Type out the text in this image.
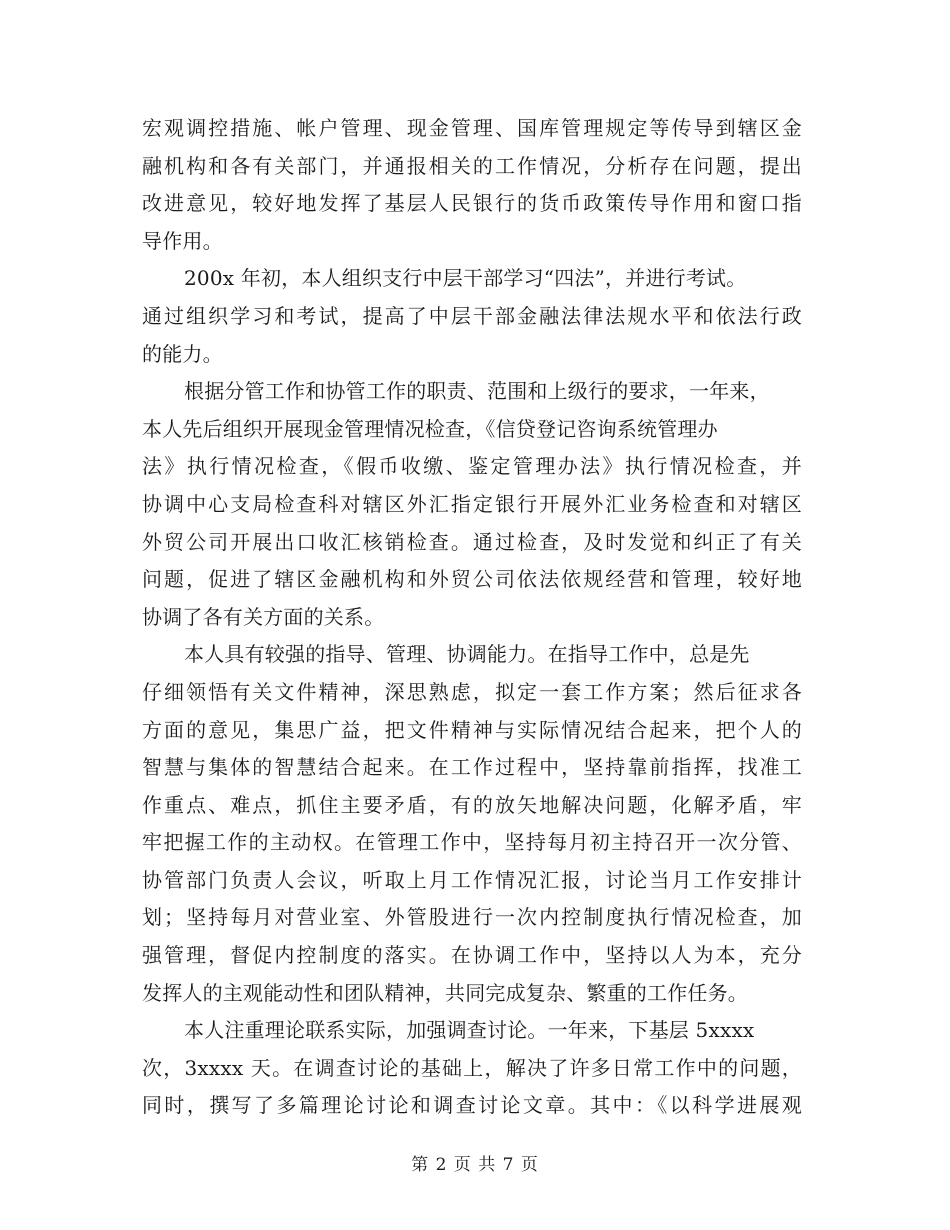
宏观调控措施、帐户管理、现金管理、国库管理规定等传导到辖区金
融机构和各有关部门，并通报相关的工作情况，分析存在问题，提出
改进意见，较好地发挥了基层人民银行的货币政策传导作用和窗口指
导作用。
200x 年初，本人组织支行中层干部学习“四法”，并进行考试。
通过组织学习和考试，提高了中层干部金融法律法规水平和依法行政
的能力。
根据分管工作和协管工作的职责、范围和上级行的要求，一年来，
本人先后组织开展现金管理情况检查，《信贷登记咨询系统管理办
法》执行情况检查，《假币收缴、鉴定管理办法》执行情况检查，并
协调中心支局检查科对辖区外汇指定银行开展外汇业务检查和对辖区
外贸公司开展出口收汇核销检查。通过检查，及时发觉和纠正了有关
问题，促进了辖区金融机构和外贸公司依法依规经营和管理，较好地
协调了各有关方面的关系。
本人具有较强的指导、管理、协调能力。在指导工作中，总是先
仔细领悟有关文件精神，深思熟虑，拟定一套工作方案；然后征求各
方面的意见，集思广益，把文件精神与实际情况结合起来，把个人的
智慧与集体的智慧结合起来。在工作过程中，坚持靠前指挥，找准工
作重点、难点，抓住主要矛盾，有的放矢地解决问题，化解矛盾，牢
牢把握工作的主动权。在管理工作中，坚持每月初主持召开一次分管、
协管部门负责人会议，听取上月工作情况汇报，讨论当月工作安排计
划；坚持每月对营业室、外管股进行一次内控制度执行情况检查，加
强管理，督促内控制度的落实。在协调工作中，坚持以人为本，充分
发挥人的主观能动性和团队精神，共同完成复杂、繁重的工作任务。
本人注重理论联系实际，加强调查讨论。一年来，下基层 5xxxx
次，3xxxx 天。在调查讨论的基础上，解决了许多日常工作中的问题，
同时，撰写了多篇理论讨论和调查讨论文章。其中：《以科学进展观
第 2 页 共 7 页
